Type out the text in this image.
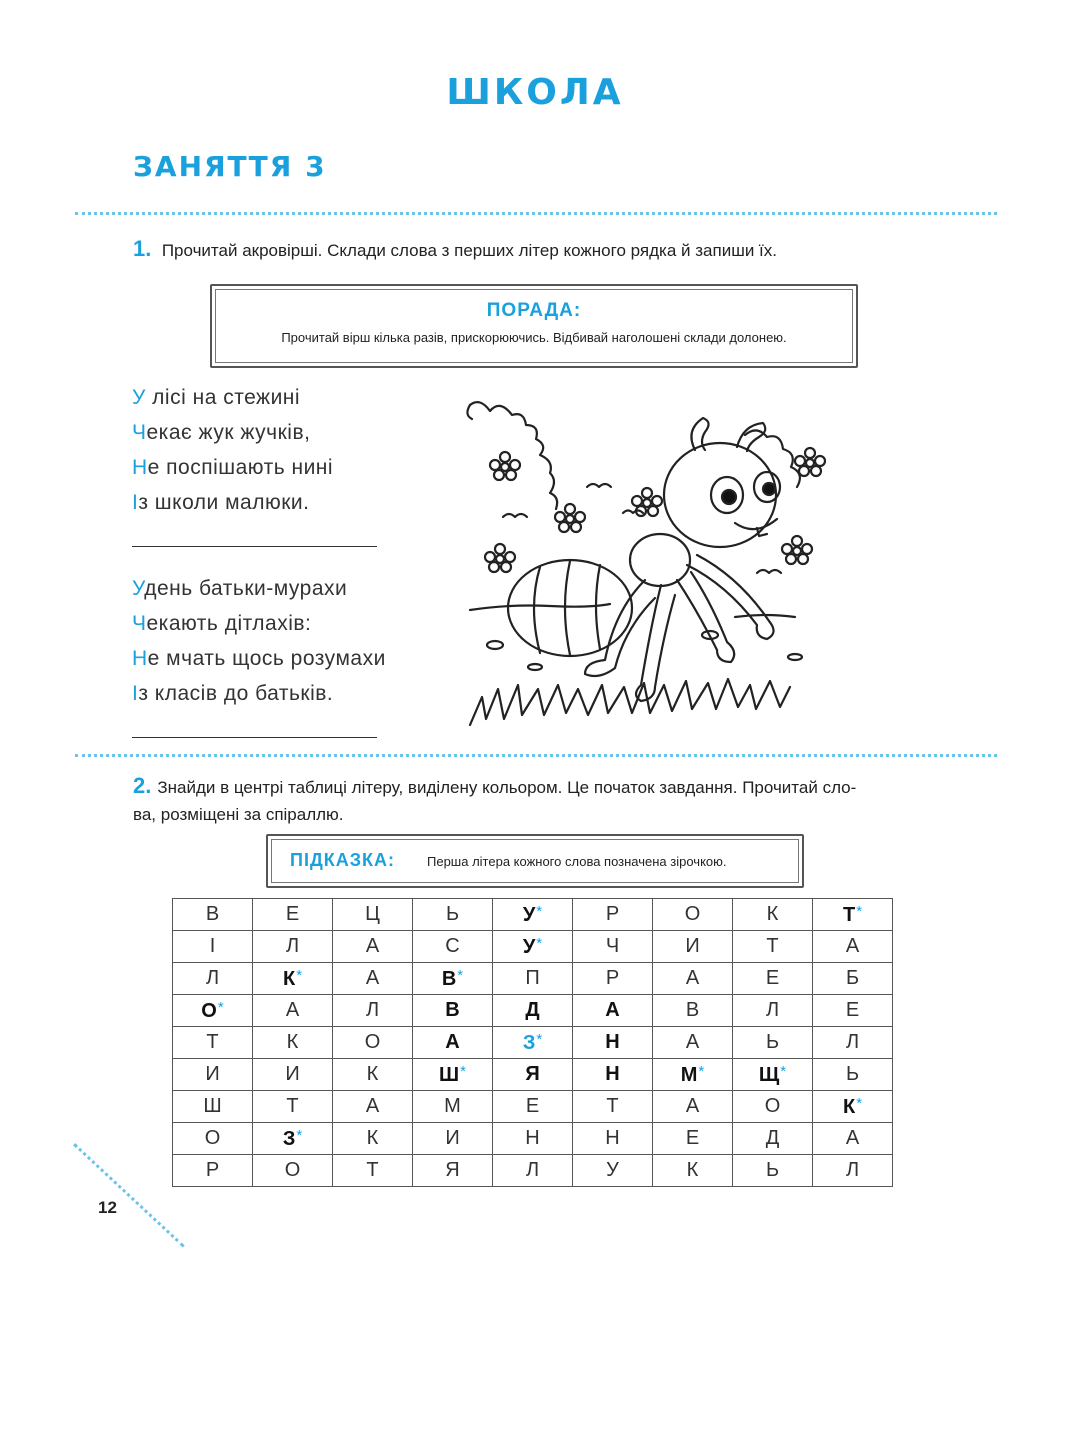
ШКОЛА
ЗАНЯТТЯ 3
1. Прочитай акровірші. Склади слова з перших літер кожного рядка й запиши їх.
ПОРАДА:
Прочитай вірш кілька разів, прискорюючись. Відбивай наголошені склади долонею.
У лісі на стежині
Чекає жук жучків,
Не поспішають нині
Із школи малюки.
Удень батьки-мурахи
Чекають дітлахів:
Не мчать щось розумахи
Із класів до батьків.
2. Знайди в центрі таблиці літеру, виділену кольором. Це початок завдання. Прочитай сло-
ва, розміщені за спіраллю.
ПІДКАЗКА: Перша літера кожного слова позначена зірочкою.
В	Е	Ц	Ь	У*	Р	О	К	Т*
І	Л	А	С	У*	Ч	И	Т	А
Л	К*	А	В*	П	Р	А	Е	Б
О*	А	Л	В	Д	А	В	Л	Е
Т	К	О	А	З*	Н	А	Ь	Л
И	И	К	Ш*	Я	Н	М*	Щ*	Ь
Ш	Т	А	М	Е	Т	А	О	К*
О	З*	К	И	Н	Н	Е	Д	А
Р	О	Т	Я	Л	У	К	Ь	Л
12
